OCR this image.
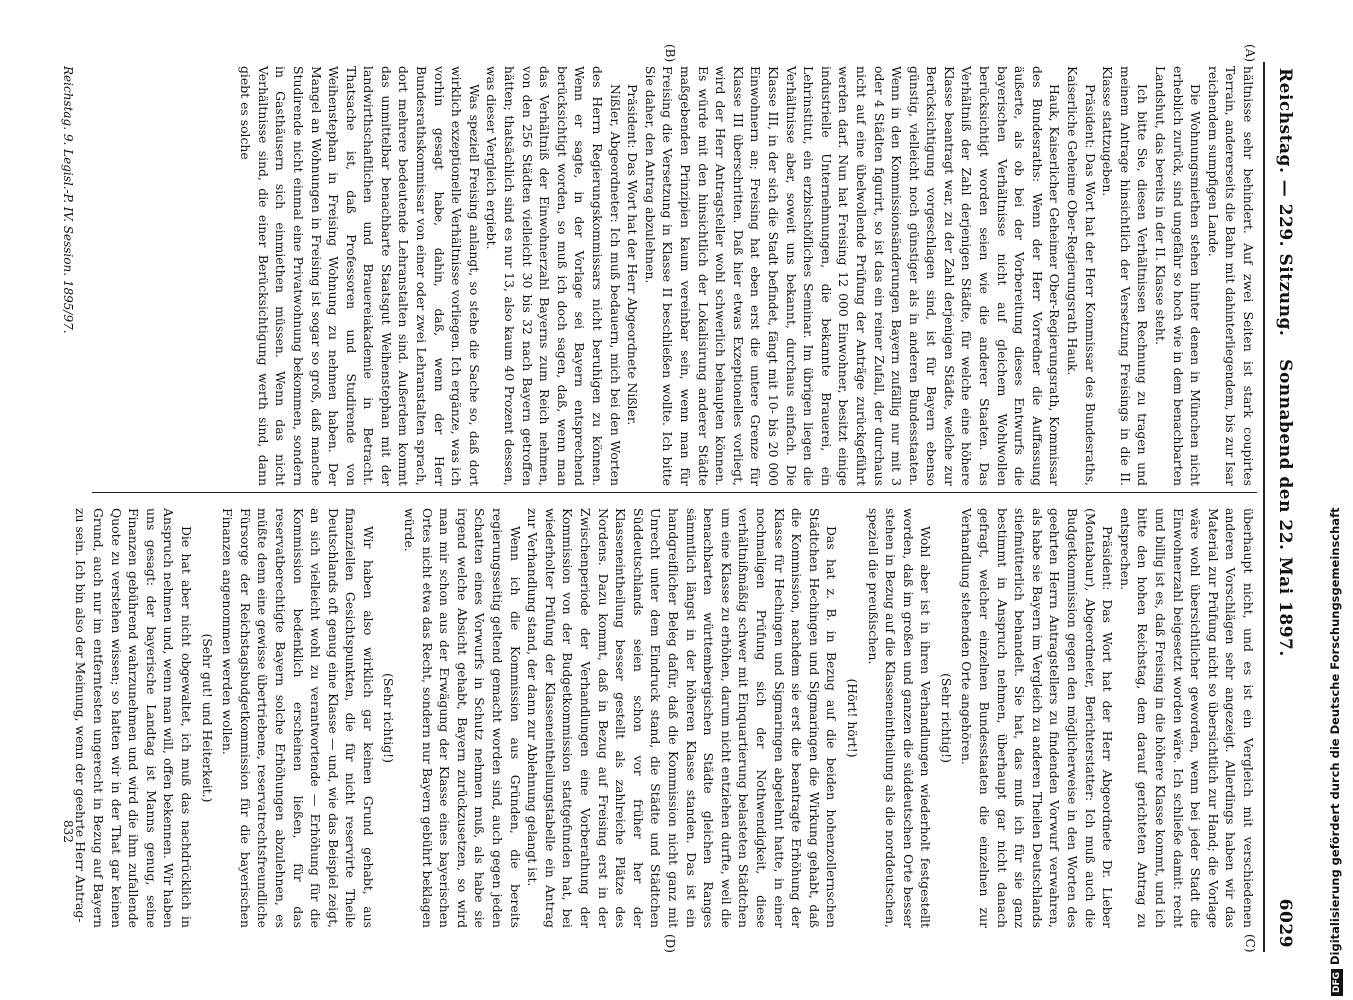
Reichstag. — 229. Sitzung.
Sonnabend den 22. Mai 1897.
6029
(A)
(B)
(C)
(D)

hältnisse sehr behindert. Auf zwei Seiten ist stark coupirtes Terrain, andererseits die Bahn mit dahinterliegendem, bis zur Isar reichendem sumpfigen Lande.

Die Wohnungsmiethen stehen hinter denen in München nicht erheblich zurück, sind ungefähr so hoch wie in dem benachbarten Landshut, das bereits in der II. Klasse steht.

Ich bitte Sie, diesen Verhältnissen Rechnung zu tragen und meinem Antrage hinsichtlich der Versetzung Freisings in die II. Klasse stattzugeben.

Präsident: Das Wort hat der Herr Kommissar des Bundesraths, Kaiserliche Geheime Ober-Regierungsrath Hauk.

Hauk, Kaiserlicher Geheimer Ober-Regierungsrath, Kommissar des Bundesraths: Wenn der Herr Vorredner die Auffassung äußerte, als ob bei der Vorbereitung dieses Entwurfs die bayerischen Verhältnisse nicht auf gleichem Wohlwollen berücksichtigt worden seien wie die anderer Staaten. Das Verhältniß der Zahl derjenigen Städte, für welche eine höhere Klasse beantragt war, zu der Zahl derjenigen Städte, welche zur Berücksichtigung vorgeschlagen sind, ist für Bayern ebenso günstig, vielleicht noch günstiger als in anderen Bundesstaaten. Wenn in den Kommissionsänderungen Bayern zufällig nur mit 3 oder 4 Städten figurirt, so ist das ein reiner Zufall, der durchaus nicht auf eine übelwollende Prüfung der Anträge zurückgeführt werden darf. Nun hat Freising 12 000 Einwohner, besitzt einige industrielle Unternehmungen, die bekannte Brauerei, ein Lehrinstitut, ein erzbischöfliches Seminar. Im übrigen liegen die Verhältnisse aber, soweit uns bekannt, durchaus einfach. Die Klasse III, in der sich die Stadt befindet, fängt mit 10- bis 20 000 Einwohnern an; Freising hat eben erst die untere Grenze für Klasse III überschritten. Daß hier etwas Exzeptionelles vorliegt, wird der Herr Antragsteller wohl schwerlich behaupten können. Es würde mit den hinsichtlich der Lokalisirung anderer Städte maßgebenden Prinzipien kaum vereinbar sein, wenn man für Freising die Versetzung in Klasse II beschließen wollte. Ich bitte Sie daher, den Antrag abzulehnen.

Präsident: Das Wort hat der Herr Abgeordnete Nißler.

Nißler, Abgeordneter: Ich muß bedauern, mich bei den Worten des Herrn Regierungskommissars nicht beruhigen zu können. Wenn er sagte, in der Vorlage sei Bayern entsprechend berücksichtigt worden, so muß ich doch sagen, daß, wenn man das Verhältniß der Einwohnerzahl Bayerns zum Reich nehmen, von den 256 Städten vielleicht 30 bis 32 nach Bayern getroffen hätten; thatsächlich sind es nur 13, also kaum 40 Prozent dessen, was dieser Vergleich ergiebt.

Was speziell Freising anlangt, so stehe die Sache so, daß dort wirklich exzeptionelle Verhältnisse vorliegen. Ich ergänze, was ich vorhin gesagt habe, dahin, daß, wenn der Herr Bundesrathskommissar von einer oder zwei Lehranstalten sprach, dort mehrere bedeutende Lehranstalten sind. Außerdem kommt das unmittelbar benachbarte Staatsgut Weihenstephan mit der landwirthschaftlichen und Brauereiakademie in Betracht. Thatsache ist, daß Professoren und Studirende von Weihenstephan in Freising Wohnung zu nehmen haben. Der Mangel an Wohnungen in Freising ist sogar so groß, daß manche Studirende nicht einmal eine Privatwohnung bekommen, sondern in Gasthäusern sich einmiethen müssen. Wenn das nicht Verhältnisse sind, die einer Berücksichtigung werth sind, dann giebt es solche

überhaupt nicht, und es ist ein Vergleich mit verschiedenen anderen Vorschlägen sehr angezeigt. Allerdings haben wir das Material zur Prüfung nicht so übersichtlich zur Hand; die Vorlage wäre wohl übersichtlicher geworden, wenn bei jeder Stadt die Einwohnerzahl beigesetzt worden wäre. Ich schließe damit: recht und billig ist es, daß Freising in die höhere Klasse kommt, und ich bitte den hohen Reichstag, dem darauf gerichteten Antrag zu entsprechen.

Präsident: Das Wort hat der Herr Abgeordnete Dr. Lieber (Montabaur), Abgeordneter, Berichterstatter: Ich muß auch die Budgetkommission gegen den möglicherweise in den Worten des geehrten Herrn Antragstellers zu findenden Vorwurf verwahren, als habe sie Bayern im Vergleich zu anderen Theilen Deutschlands stiefmütterlich behandelt. Sie hat, das muß ich für sie ganz bestimmt in Anspruch nehmen, überhaupt gar nicht danach gefragt, welcher einzelnen Bundesstaaten die einzelnen zur Verhandlung stehenden Orte angehören.

(Sehr richtig!)

Wohl aber ist in ihren Verhandlungen wiederholt festgestellt worden, daß im großen und ganzen die süddeutschen Orte besser stehen in Bezug auf die Klasseneintheilung als die norddeutschen, speziell die preußischen.

(Hört! hört!)

Das hat z. B. in Bezug auf die beiden hohenzollernschen Städtchen Hechingen und Sigmaringen die Wirkung gehabt, daß die Kommission, nachdem sie erst die beantragte Erhöhung der Klasse für Hechingen und Sigmaringen abgelehnt hatte, in einer nochmaligen Prüfung sich der Nothwendigkeit, diese verhältnißmäßig schwer mit Einquartierung belasteten Städtchen um eine Klasse zu erhöhen, darum nicht entziehen durfte, weil die benachbarten württembergischen Städte gleichen Ranges sämmtlich längst in der höheren Klasse standen. Das ist ein handgreiflicher Beleg dafür, daß die Kommission nicht ganz mit Unrecht unter dem Eindruck stand, die Städte und Städtchen Süddeutschlands seien schon vor früher her der Klasseneintheilung besser gestellt als zahlreiche Plätze des Nordens. Dazu kommt, daß in Bezug auf Freising erst in der Zwischenperiode der Verhandlungen eine Vorberathung der Kommission von der Budgetkommission stattgefunden hat, bei wiederholter Prüfung der Klasseneintheilungstabelle ein Antrag zur Verhandlung stand, der dann zur Ablehnung gelangt ist.

Wenn ich die Kommission aus Gründen, die bereits regierungsseitig geltend gemacht worden sind, auch gegen jeden Schatten eines Vorwurfs in Schutz nehmen muß, als habe sie irgend welche Absicht gehabt, Bayern zurückzusetzen, so wird man mir schon aus der Erwägung der Klasse eines bayerischen Ortes nicht etwa das Recht, sondern nur Bayern gebührt beklagen würde.

(Sehr richtig!)

Wir haben also wirklich gar keinen Grund gehabt, aus finanziellen Gesichtspunkten, die für nicht reservirte Theile Deutschlands oft genug eine Klasse — und, wie das Beispiel zeigt, an sich vielleicht wohl zu verantwortende — Erhöhung für die Kommission bedenklich erscheinen ließen, für das reservatberechtigte Bayern solche Erhöhungen abzulehnen, es müßte denn eine gewisse übertriebene, reservatrechtsfreundliche Fürsorge der Reichstagsbudgetkommission für die bayerischen Finanzen angenommen werden wollen.

(Sehr gut! und Heiterkeit.)

Die hat aber nicht obgewaltet, ich muß das nachdrücklich in Anspruch nehmen und, wenn man will, offen bekennen. Wir haben uns gesagt: der bayerische Landtag ist Manns genug, seine Finanzen gebührend wahrzunehmen und wird die ihm zufallende Quote zu verstehen wissen; so hatten wir in der That gar keinen Grund, auch nur im entferntesten ungerecht in Bezug auf Bayern zu sein. Ich bin also der Meinung, wenn der geehrte Herr Antrag-

Reichstag. 9. Legisl.-P. IV. Session. 1895/97.
832
DFGDigitalisierung gefördert durch die Deutsche Forschungsgemeinschaft
